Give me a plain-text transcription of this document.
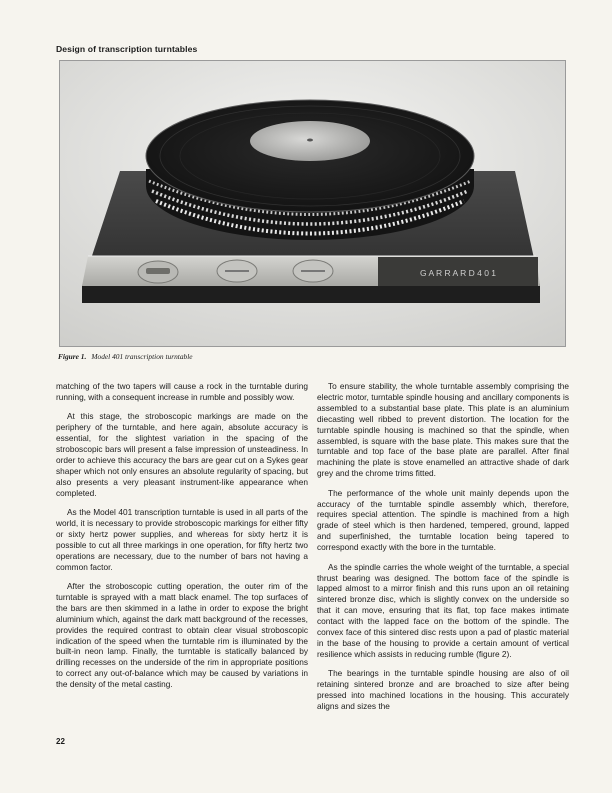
Design of transcription turntables
G A R R A R D 4 0 1
Figure 1. Model 401 transcription turntable

matching of the two tapers will cause a rock in the turntable during running, with a consequent increase in rumble and possibly wow.

At this stage, the stroboscopic markings are made on the periphery of the turntable, and here again, absolute accuracy is essential, for the slightest variation in the spacing of the stroboscopic bars will present a false impression of unsteadiness. In order to achieve this accuracy the bars are gear cut on a Sykes gear shaper which not only ensures an absolute regularity of spacing, but also presents a very pleasant instrument-like appearance when completed.

As the Model 401 transcription turntable is used in all parts of the world, it is necessary to provide stroboscopic markings for either fifty or sixty hertz power supplies, and whereas for sixty hertz it is possible to cut all three markings in one operation, for fifty hertz two operations are necessary, due to the number of bars not having a common factor.

After the stroboscopic cutting operation, the outer rim of the turntable is sprayed with a matt black enamel. The top surfaces of the bars are then skimmed in a lathe in order to expose the bright aluminium which, against the dark matt background of the recesses, provides the required contrast to obtain clear visual stroboscopic indication of the speed when the turntable rim is illuminated by the built-in neon lamp. Finally, the turntable is statically balanced by drilling recesses on the underside of the rim in appropriate positions to correct any out-of-balance which may be caused by variations in the density of the metal casting.

To ensure stability, the whole turntable assembly comprising the electric motor, turntable spindle housing and ancillary components is assembled to a substantial base plate. This plate is an aluminium diecasting well ribbed to prevent distortion. The location for the turntable spindle housing is machined so that the spindle, when assembled, is square with the base plate. This makes sure that the turntable and top face of the base plate are parallel. After final machining the plate is stove enamelled an attractive shade of dark grey and the chrome trims fitted.

The performance of the whole unit mainly depends upon the accuracy of the turntable spindle assembly which, therefore, requires special attention. The spindle is machined from a high grade of steel which is then hardened, tempered, ground, lapped and superfinished, the turntable location being tapered to correspond exactly with the bore in the turntable.

As the spindle carries the whole weight of the turntable, a special thrust bearing was designed. The bottom face of the spindle is lapped almost to a mirror finish and this runs upon an oil retaining sintered bronze disc, which is slightly convex on the underside so that it can move, ensuring that its flat, top face makes intimate contact with the lapped face on the bottom of the spindle. The convex face of this sintered disc rests upon a pad of plastic material in the base of the housing to provide a certain amount of vertical resilience which assists in reducing rumble (figure 2).

The bearings in the turntable spindle housing are also of oil retaining sintered bronze and are broached to size after being pressed into machined locations in the housing. This accurately aligns and sizes the

22
